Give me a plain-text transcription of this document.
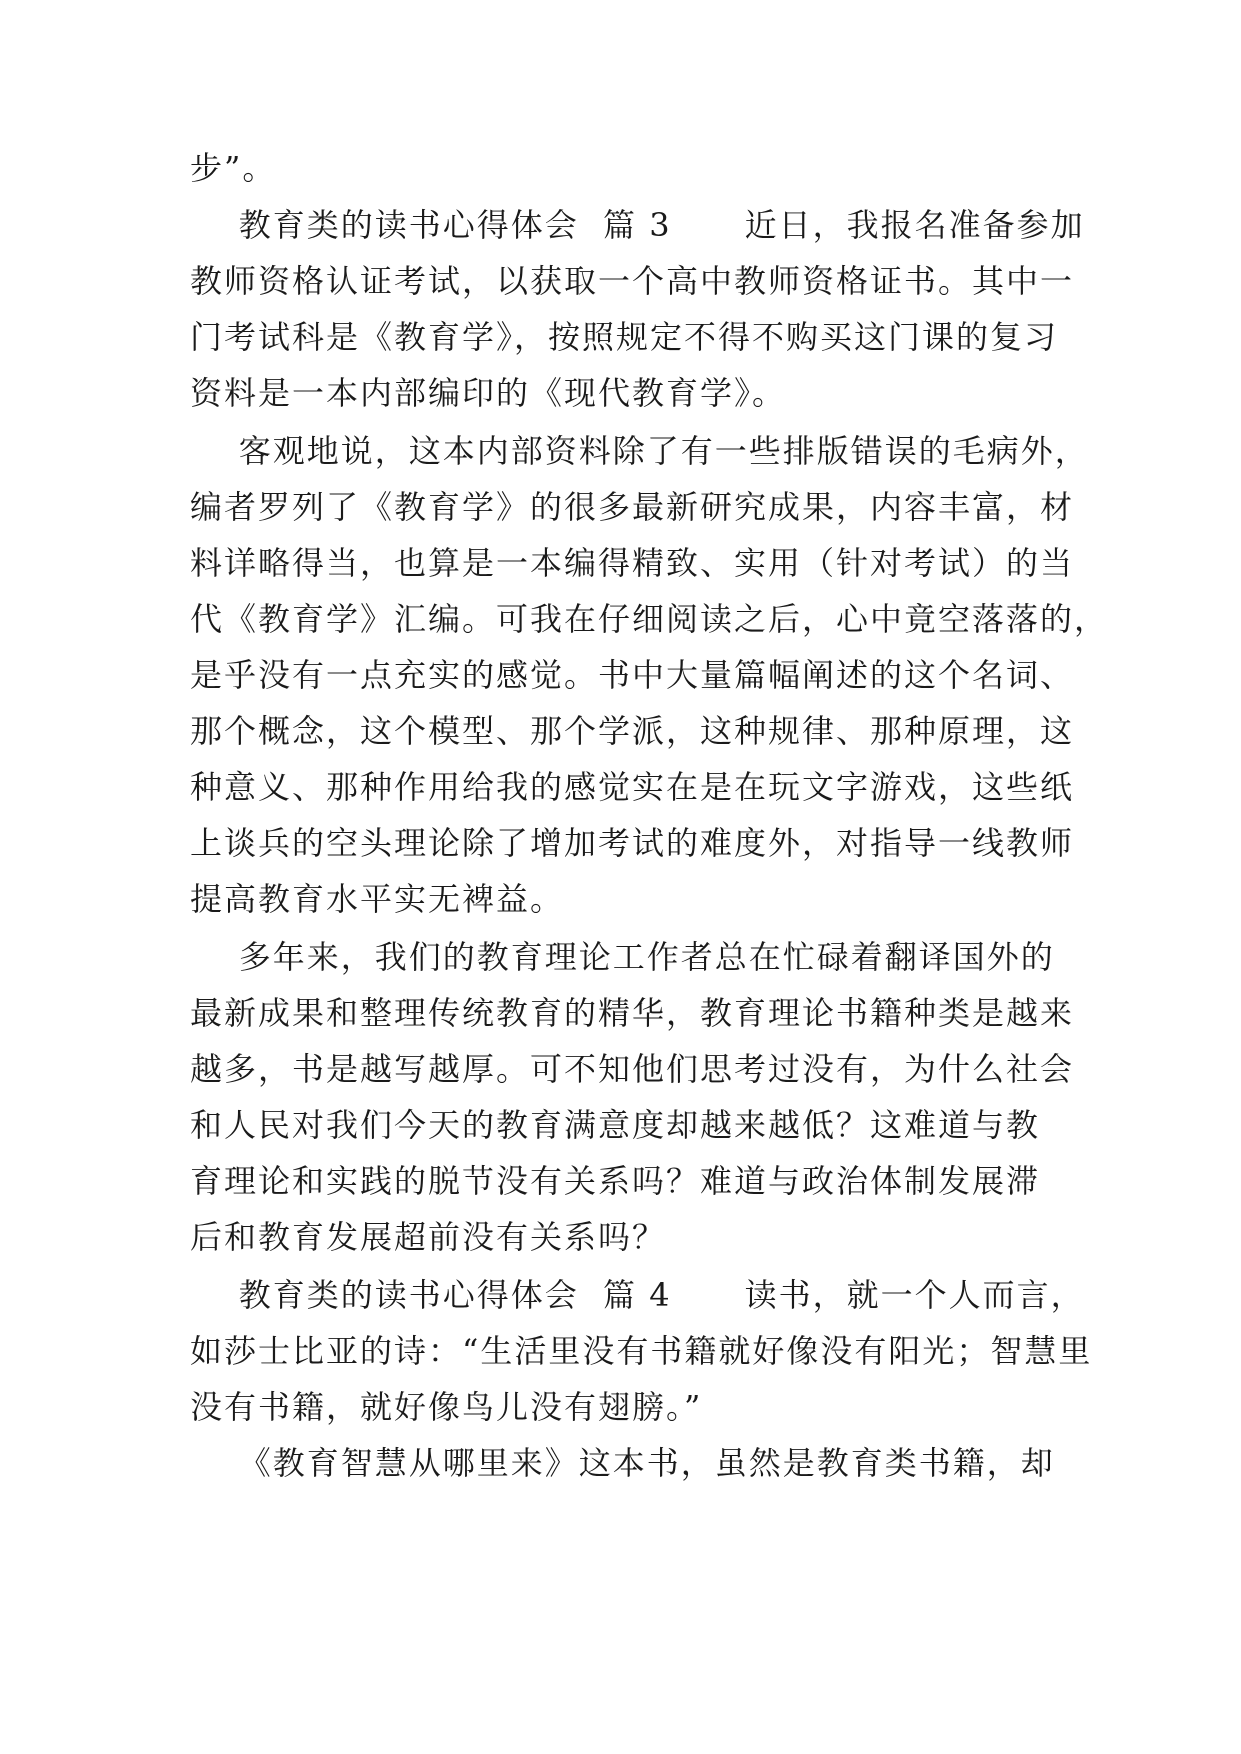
步”。
教育类的读书心得体会  篇 3      近日，我报名准备参加
教师资格认证考试，以获取一个高中教师资格证书。其中一
门考试科是《教育学》，按照规定不得不购买这门课的复习
资料是一本内部编印的《现代教育学》。
客观地说，这本内部资料除了有一些排版错误的毛病外，
编者罗列了《教育学》的很多最新研究成果，内容丰富，材
料详略得当，也算是一本编得精致、实用（针对考试）的当
代《教育学》汇编。可我在仔细阅读之后，心中竟空落落的，
是乎没有一点充实的感觉。书中大量篇幅阐述的这个名词、
那个概念，这个模型、那个学派，这种规律、那种原理，这
种意义、那种作用给我的感觉实在是在玩文字游戏，这些纸
上谈兵的空头理论除了增加考试的难度外，对指导一线教师
提高教育水平实无裨益。
多年来，我们的教育理论工作者总在忙碌着翻译国外的
最新成果和整理传统教育的精华，教育理论书籍种类是越来
越多，书是越写越厚。可不知他们思考过没有，为什么社会
和人民对我们今天的教育满意度却越来越低？这难道与教
育理论和实践的脱节没有关系吗？难道与政治体制发展滞
后和教育发展超前没有关系吗？
教育类的读书心得体会  篇 4      读书，就一个人而言，
如莎士比亚的诗：“生活里没有书籍就好像没有阳光；智慧里
没有书籍，就好像鸟儿没有翅膀。”
《教育智慧从哪里来》这本书，虽然是教育类书籍，却
